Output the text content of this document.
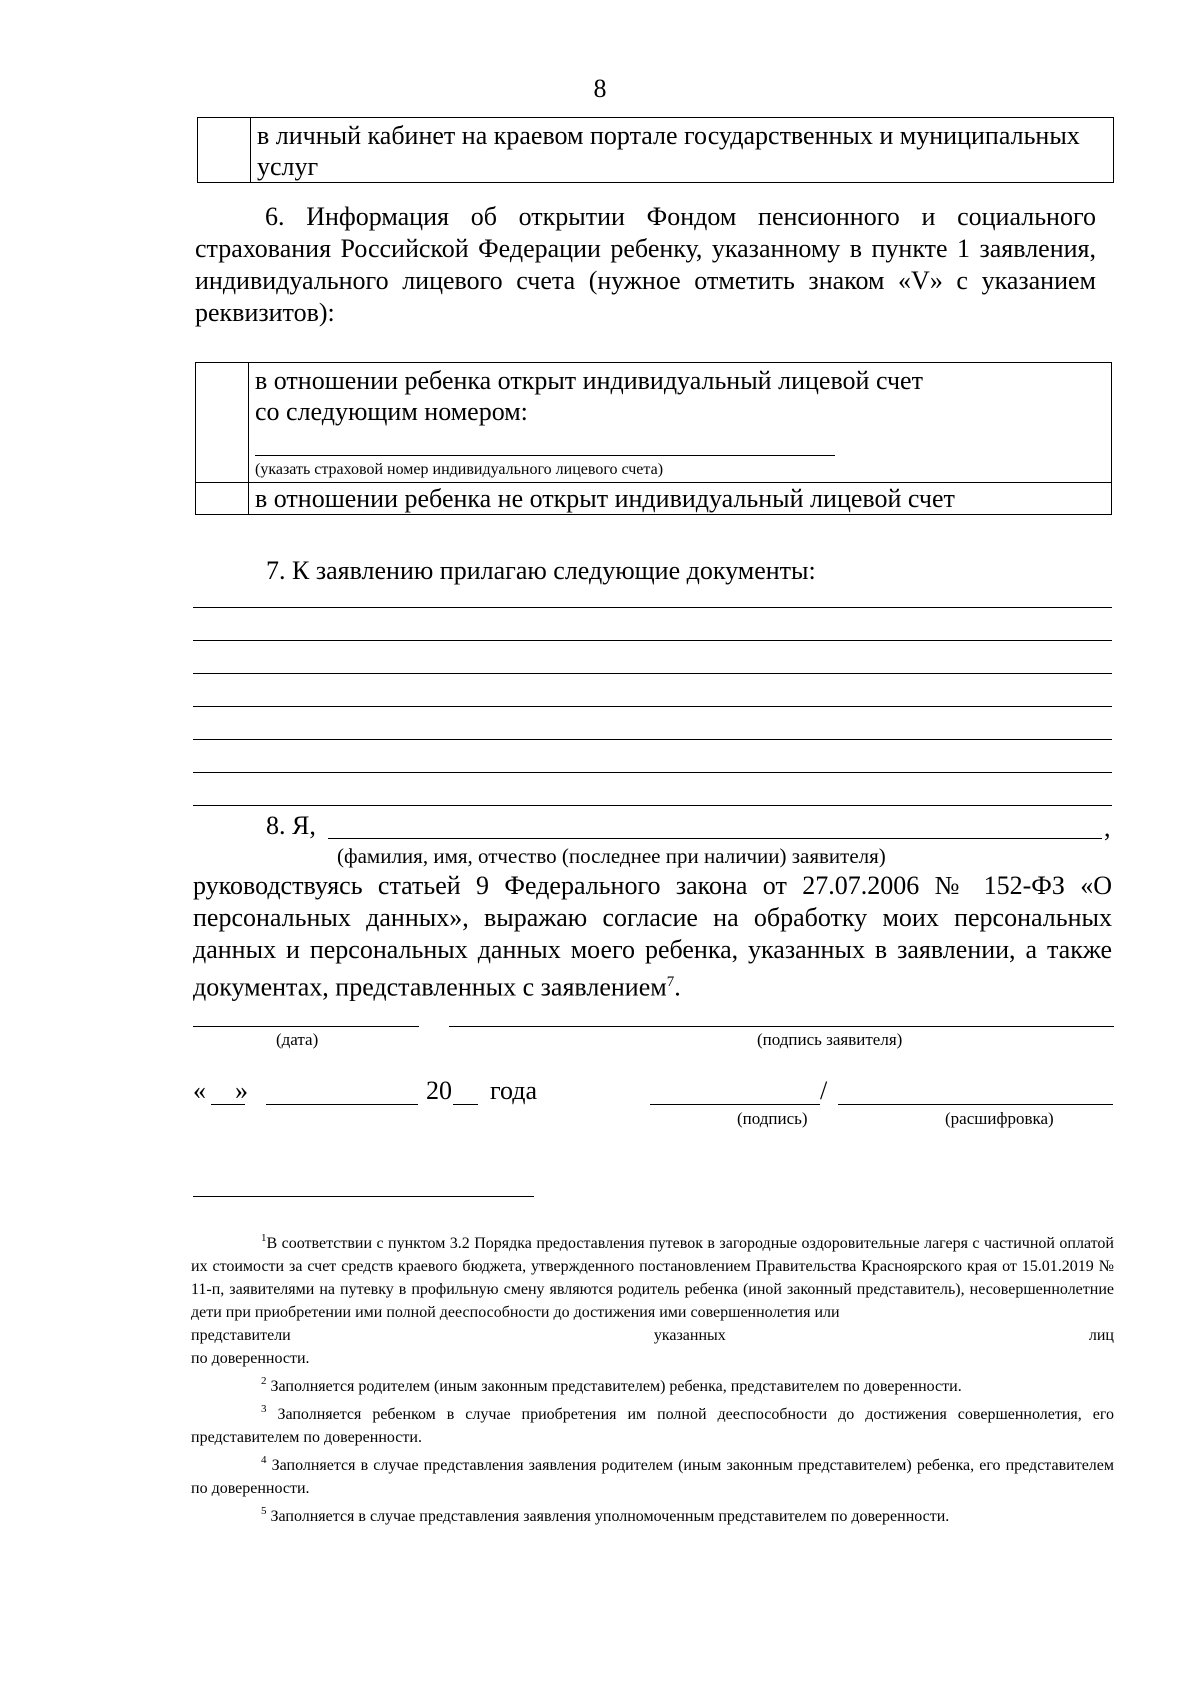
8

в личный кабинет на краевом портале государственных и муниципальных услуг
6. Информация об открытии Фондом пенсионного и социального страхования Российской Федерации ребенку, указанному в пункте 1 заявления, индивидуального лицевого счета (нужное отметить знаком «V» с указанием реквизитов):

	в отношении ребенка открыт индивидуальный лицевой счет
со следующим номером:
(указать страховой номер индивидуального лицевого счета)

	в отношении ребенка не открыт индивидуальный лицевой счет
7. К заявлению прилагаю следующие документы:
8. Я,	,
(фамилия, имя, отчество (последнее при наличии) заявителя)
руководствуясь статьей 9 Федерального закона от 27.07.2006 № 152-ФЗ «О персональных данных», выражаю согласие на обработку моих персональных данных и персональных данных моего ребенка, указанных в заявлении, а также документах, представленных с заявлением$^7$.
(дата)	(подпись заявителя)
« »	20 года	/
(подпись)	(расшифровка)

$^1$В соответствии с пунктом 3.2 Порядка предоставления путевок в загородные оздоровительные лагеря с частичной оплатой их стоимости за счет средств краевого бюджета, утвержденного постановлением Правительства Красноярского края от 15.01.2019 № 11-п, заявителями на путевку в профильную смену являются родитель ребенка (иной законный представитель), несовершеннолетние дети при приобретении ими полной дееспособности до достижения ими совершеннолетия или

представители	указанных	лиц

по доверенности.

$^2$ Заполняется родителем (иным законным представителем) ребенка, представителем по доверенности.

$^3$ Заполняется ребенком в случае приобретения им полной дееспособности до достижения совершеннолетия, его представителем по доверенности.

$^4$ Заполняется в случае представления заявления родителем (иным законным представителем) ребенка, его представителем по доверенности.

$^5$ Заполняется в случае представления заявления уполномоченным представителем по доверенности.
